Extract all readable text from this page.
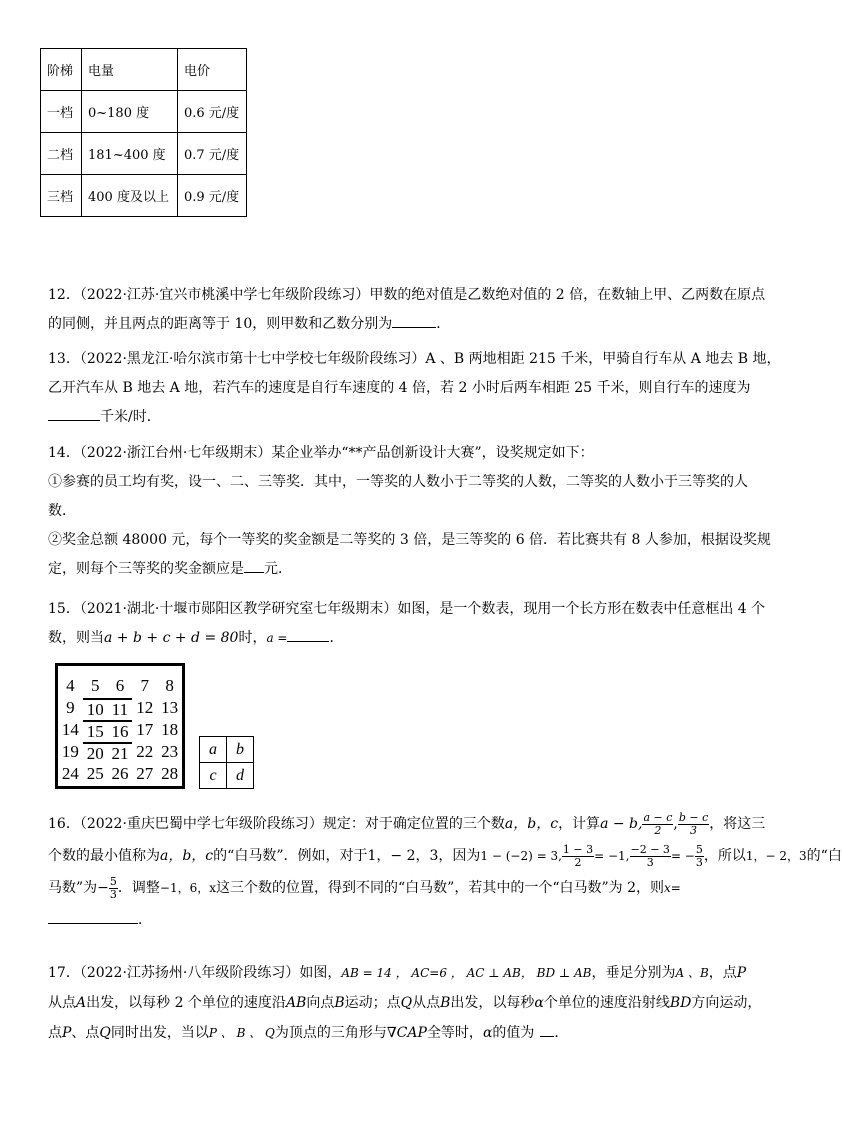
阶梯	电量	电价
一档	0~180 度	0.6 元/度
二档	181~400 度	0.7 元/度
三档	400 度及以上	0.9 元/度

12．（2022·江苏·宜兴市桃溪中学七年级阶段练习）甲数的绝对值是乙数绝对值的 2 倍，在数轴上甲、乙两数在原点

的同侧，并且两点的距离等于 10，则甲数和乙数分别为	．

13．（2022·黑龙江·哈尔滨市第十七中学校七年级阶段练习）A 、B 两地相距 215 千米，甲骑自行车从 A 地去 B 地，

乙开汽车从 B 地去 A 地，若汽车的速度是自行车速度的 4 倍，若 2 小时后两车相距 25 千米，则自行车的速度为

千米/时．

14．（2022·浙江台州·七年级期末）某企业举办“**产品创新设计大赛”，设奖规定如下：

①参赛的员工均有奖，设一、二、三等奖．其中，一等奖的人数小于二等奖的人数，二等奖的人数小于三等奖的人

数．

②奖金总额 48000 元，每个一等奖的奖金额是二等奖的 3 倍，是三等奖的 6 倍．若比赛共有 8 人参加，根据设奖规

定，则每个三等奖的奖金额应是 元．

15．（2021·湖北·十堰市郧阳区教学研究室七年级期末）如图，是一个数表，现用一个长方形在数表中任意框出 4 个

数，则当a + b + c + d = 80时，a =	．

4 5 6 7 8
9 10 11 12 13
14 15 16 17 18
19 20 21 22 23
24 25 26 27 28
a	b
c	d

16．（2022·重庆巴蜀中学七年级阶段练习）规定：对于确定位置的三个数a，b，c，计算a − b, $\frac{a - c}{2}$ , $\frac{b - c}{3}$ ，将这三

个数的最小值称为a，b，c的“白马数”．例如，对于1，− 2，3，因为1 − (−2) = 3, $\frac{1 - 3}{2} = -1$, $\frac{-2 - 3}{3}$ = − $\frac{5}{3}$ ，所以1，− 2，3的“白

马数”为− $\frac{5}{3}$ ．调整−1，6，x这三个数的位置，得到不同的“白马数”，若其中的一个“白马数”为 2，则x=

．

17．（2022·江苏扬州·八年级阶段练习）如图，AB = 14 ， AC=6 ， AC ⊥ AB， BD ⊥ AB，垂足分别为A 、B，点P

从点A出发，以每秒 2 个单位的速度沿AB向点B运动；点Q从点B出发，以每秒α个单位的速度沿射线BD方向运动，

点P、点Q同时出发，当以P 、 B 、 Q为顶点的三角形与∇CAP全等时，α的值为 ．
